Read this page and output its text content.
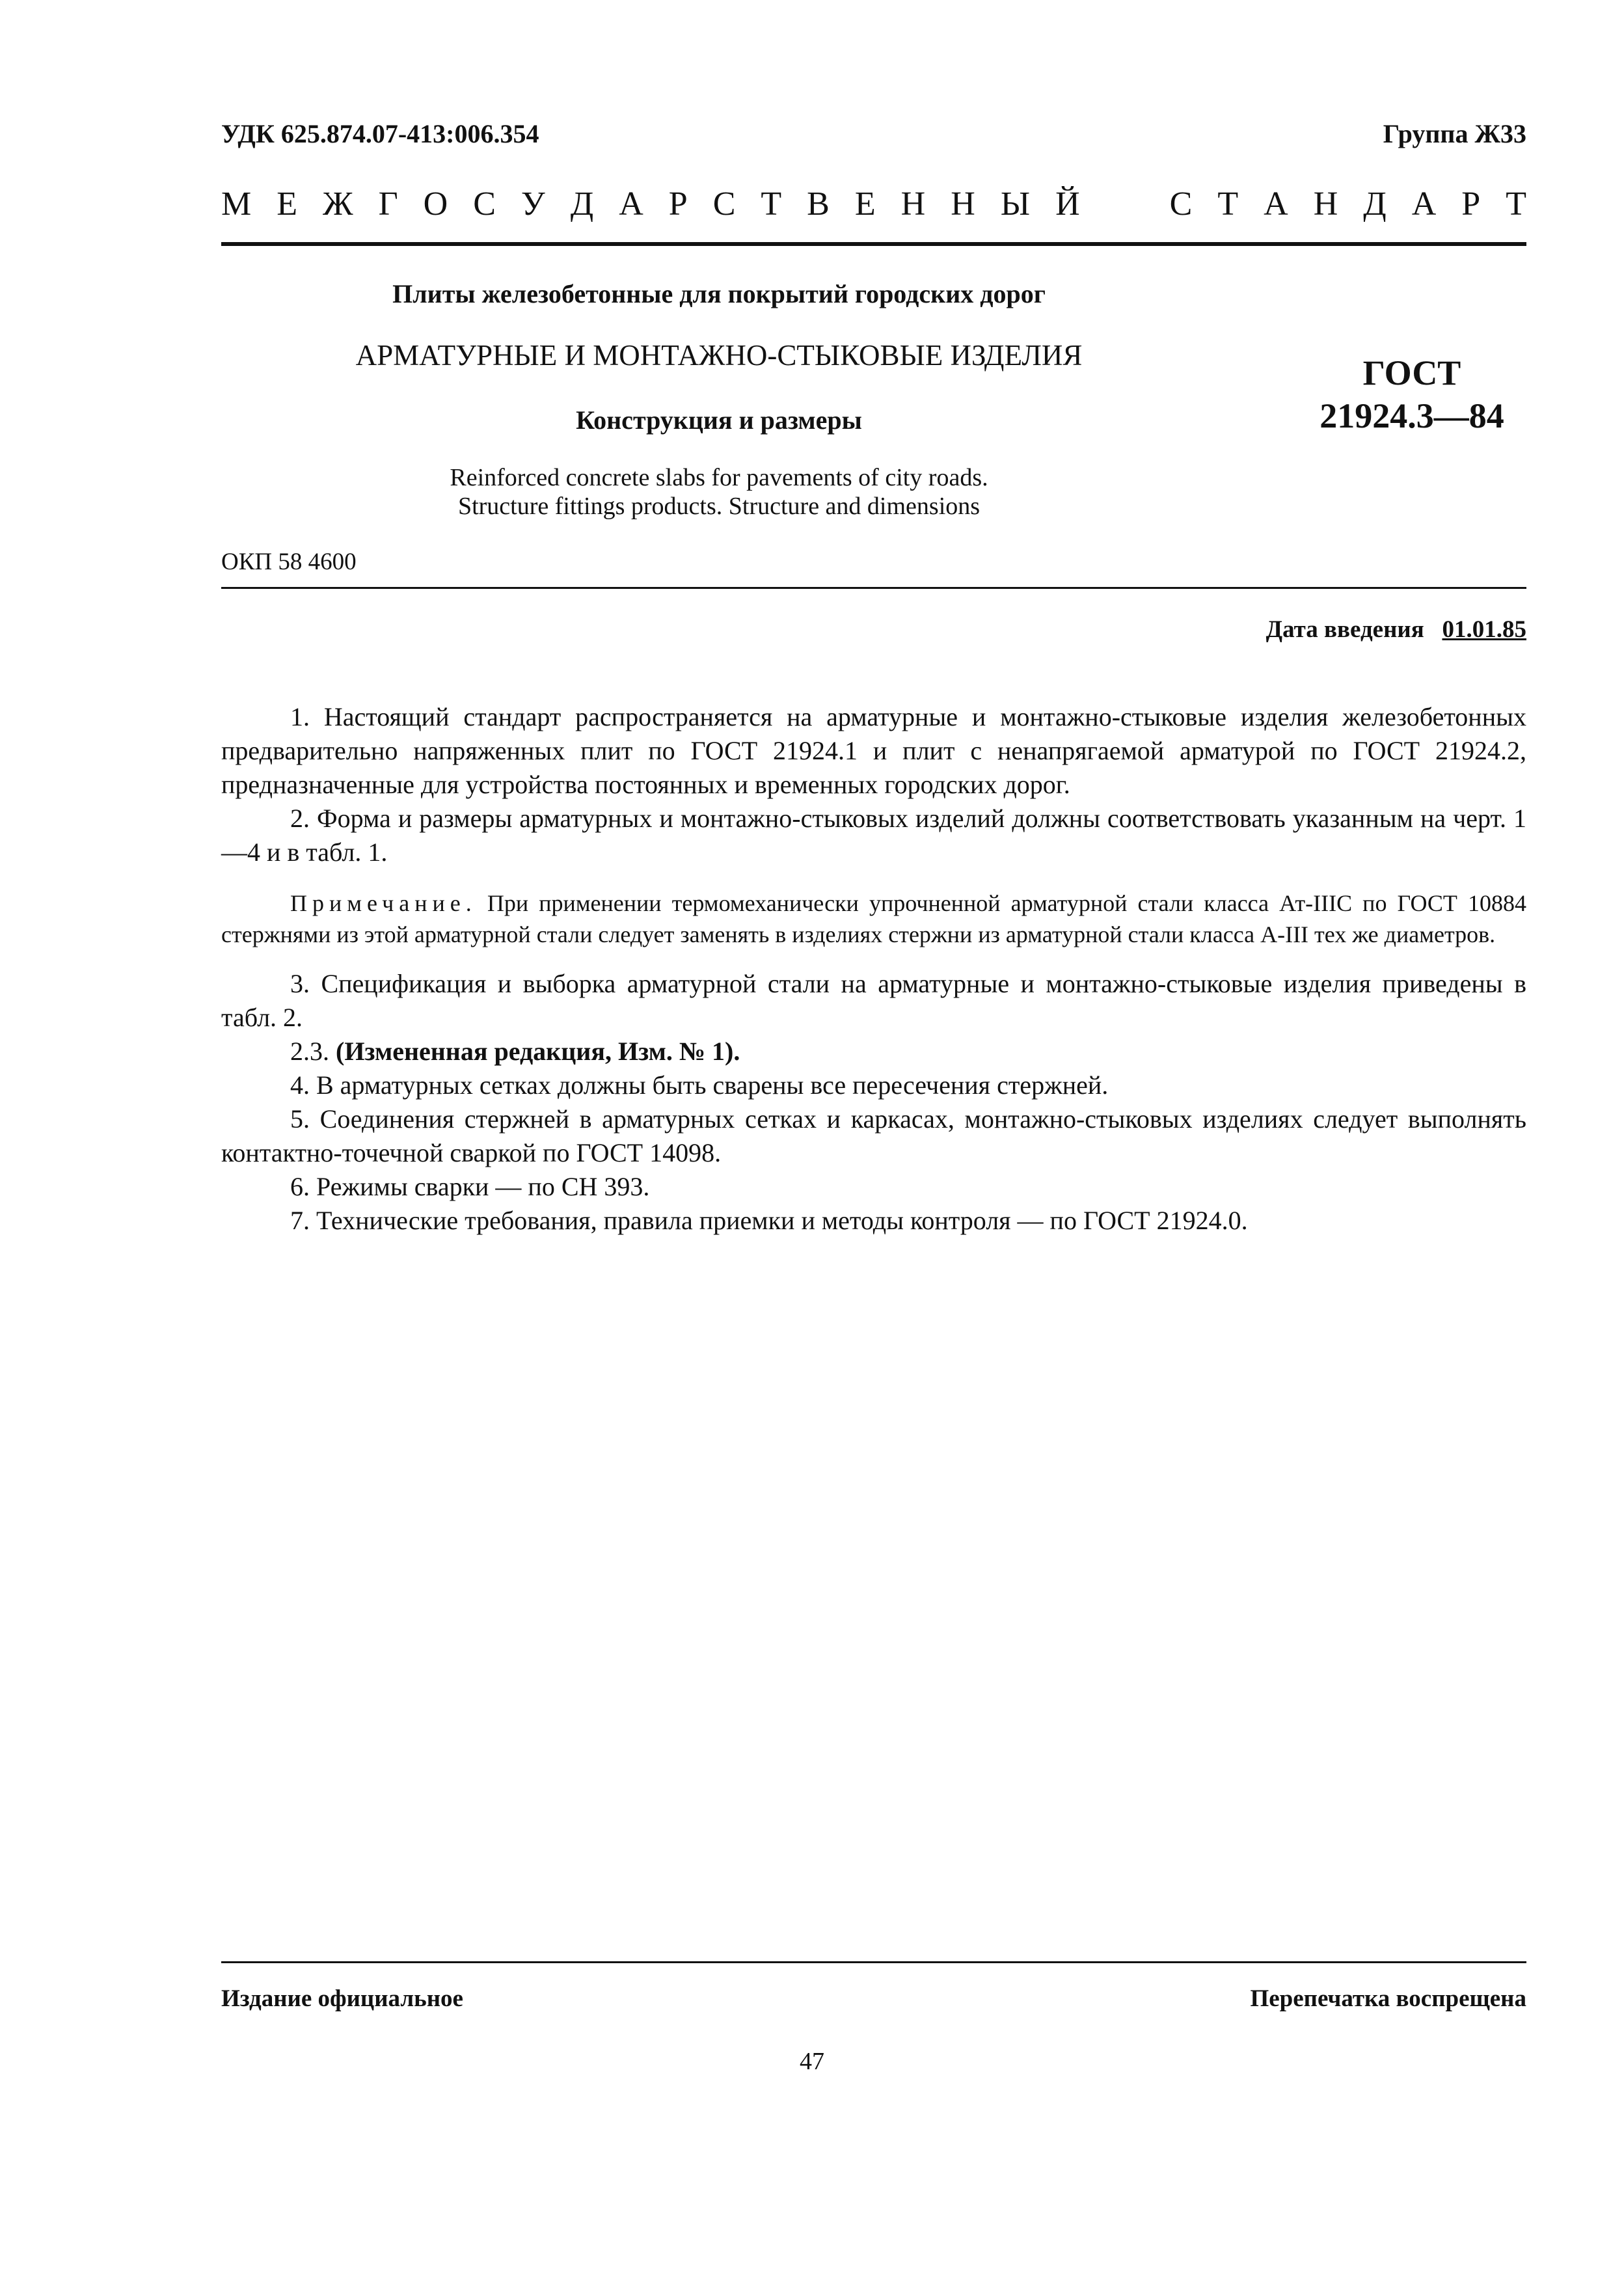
УДК 625.874.07-413:006.354	Группа Ж33
М Е Ж Г О С У Д А Р С Т В Е Н Н Ы Й	С Т А Н Д А Р Т
Плиты железобетонные для покрытий городских дорог
АРМАТУРНЫЕ И МОНТАЖНО-СТЫКОВЫЕ ИЗДЕЛИЯ
Конструкция и размеры
Reinforced concrete slabs for pavements of city roads.
Structure fittings products. Structure and dimensions
ГОСТ
21924.3—84
ОКП 58 4600
Дата введения 01.01.85

1. Настоящий стандарт распространяется на арматурные и монтажно-стыковые изделия железобетонных предварительно напряженных плит по ГОСТ 21924.1 и плит с ненапрягаемой арматурой по ГОСТ 21924.2, предназначенные для устройства постоянных и временных городских дорог.

2. Форма и размеры арматурных и монтажно-стыковых изделий должны соответствовать указанным на черт. 1—4 и в табл. 1.

Примечание. При применении термомеханически упрочненной арматурной стали класса Ат-IIIС по ГОСТ 10884 стержнями из этой арматурной стали следует заменять в изделиях стержни из арматурной стали класса А-III тех же диаметров.

3. Спецификация и выборка арматурной стали на арматурные и монтажно-стыковые изделия приведены в табл. 2.

2.3. (Измененная редакция, Изм. № 1).

4. В арматурных сетках должны быть сварены все пересечения стержней.

5. Соединения стержней в арматурных сетках и каркасах, монтажно-стыковых изделиях следует выполнять контактно-точечной сваркой по ГОСТ 14098.

6. Режимы сварки — по СН 393.

7. Технические требования, правила приемки и методы контроля — по ГОСТ 21924.0.

Издание официальное	Перепечатка воспрещена
47
